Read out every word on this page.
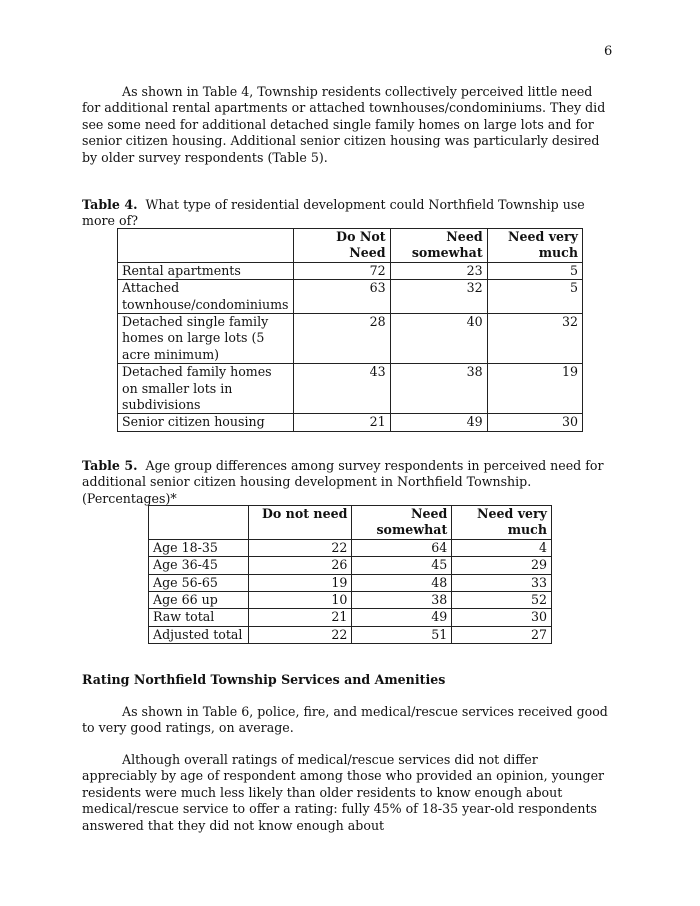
6

As shown in Table 4, Township residents collectively perceived little need for additional rental apartments or attached townhouses/condominiums. They did see some need for additional detached single family homes on large lots and for senior citizen housing. Additional senior citizen housing was particularly desired by older survey respondents (Table 5).

Table 4. What type of residential development could Northfield Township use more of?

	Do Not Need	Need somewhat	Need very much
Rental apartments	72	23	5
Attached townhouse/condominiums	63	32	5
Detached single family homes on large lots (5 acre minimum)	28	40	32
Detached family homes on smaller lots in subdivisions	43	38	19
Senior citizen housing	21	49	30

Table 5. Age group differences among survey respondents in perceived need for additional senior citizen housing development in Northfield Township. (Percentages)*

	Do not need	Need somewhat	Need very much
Age 18-35	22	64	4
Age 36-45	26	45	29
Age 56-65	19	48	33
Age 66 up	10	38	52
Raw total	21	49	30
Adjusted total	22	51	27
Rating Northfield Township Services and Amenities

As shown in Table 6, police, fire, and medical/rescue services received good to very good ratings, on average.

Although overall ratings of medical/rescue services did not differ appreciably by age of respondent among those who provided an opinion, younger residents were much less likely than older residents to know enough about medical/rescue service to offer a rating: fully 45% of 18-35 year-old respondents answered that they did not know enough about
